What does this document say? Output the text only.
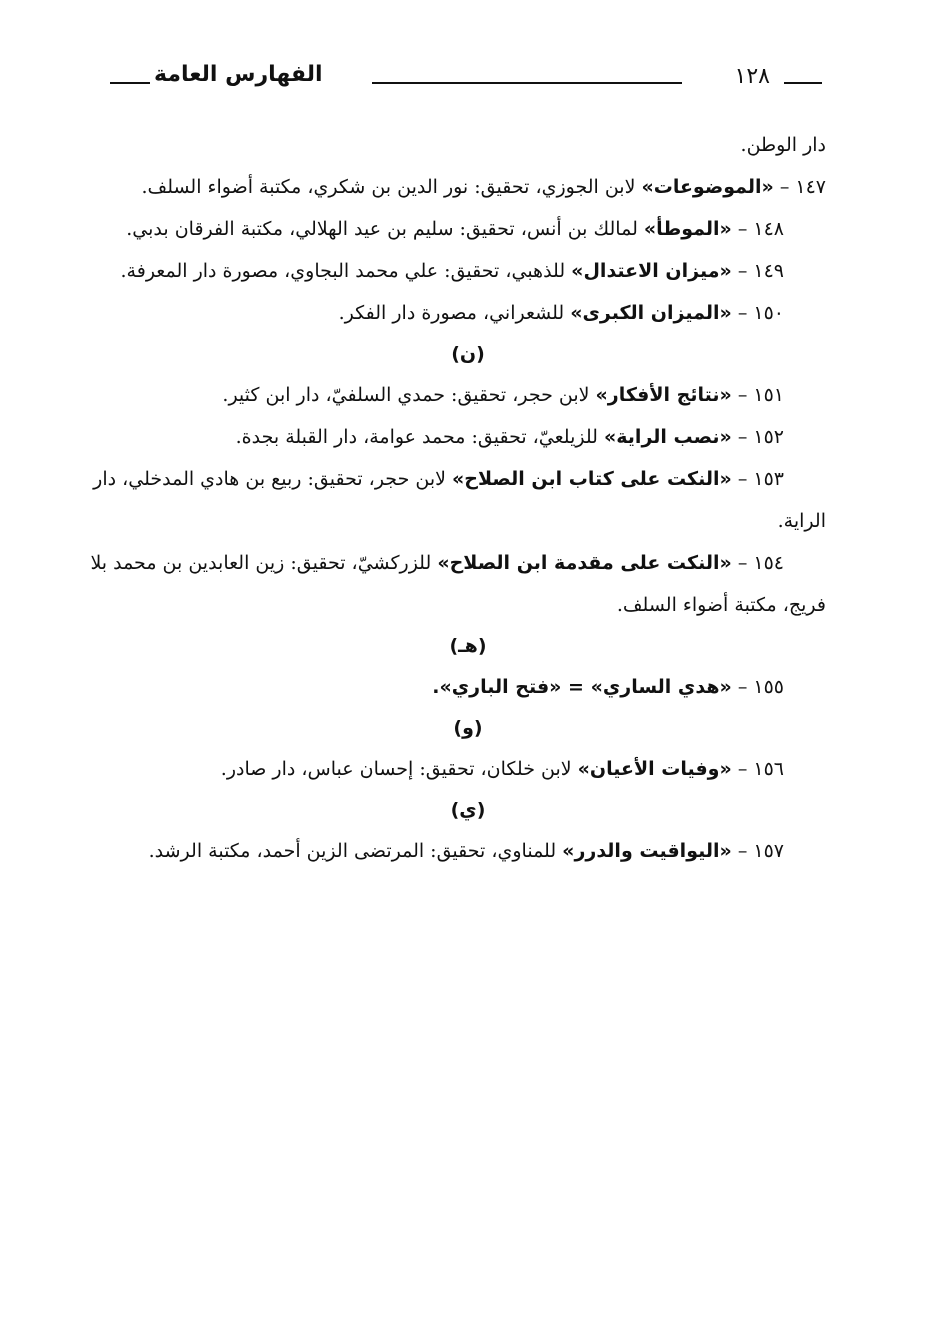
١٢٨
الفهارس العامة
دار الوطن.
١٤٧ – «الموضوعات» لابن الجوزي، تحقيق: نور الدين بن شكري، مكتبة أضواء السلف.
١٤٨ – «الموطأ» لمالك بن أنس، تحقيق: سليم بن عيد الهلالي، مكتبة الفرقان بدبي.
١٤٩ – «ميزان الاعتدال» للذهبي، تحقيق: علي محمد البجاوي، مصورة دار المعرفة.
١٥٠ – «الميزان الكبرى» للشعراني، مصورة دار الفكر.
(ن)
١٥١ – «نتائج الأفكار» لابن حجر، تحقيق: حمدي السلفيّ، دار ابن كثير.
١٥٢ – «نصب الراية» للزيلعيّ، تحقيق: محمد عوامة، دار القبلة بجدة.
١٥٣ – «النكت على كتاب ابن الصلاح» لابن حجر، تحقيق: ربيع بن هادي المدخلي، دار
الراية.
١٥٤ – «النكت على مقدمة ابن الصلاح» للزركشيّ، تحقيق: زين العابدين بن محمد بلا
فريج، مكتبة أضواء السلف.
(هـ)
١٥٥ – «هدي الساري» = «فتح الباري».
(و)
١٥٦ – «وفيات الأعيان» لابن خلكان، تحقيق: إحسان عباس، دار صادر.
(ي)
١٥٧ – «اليواقيت والدرر» للمناوي، تحقيق: المرتضى الزين أحمد، مكتبة الرشد.
